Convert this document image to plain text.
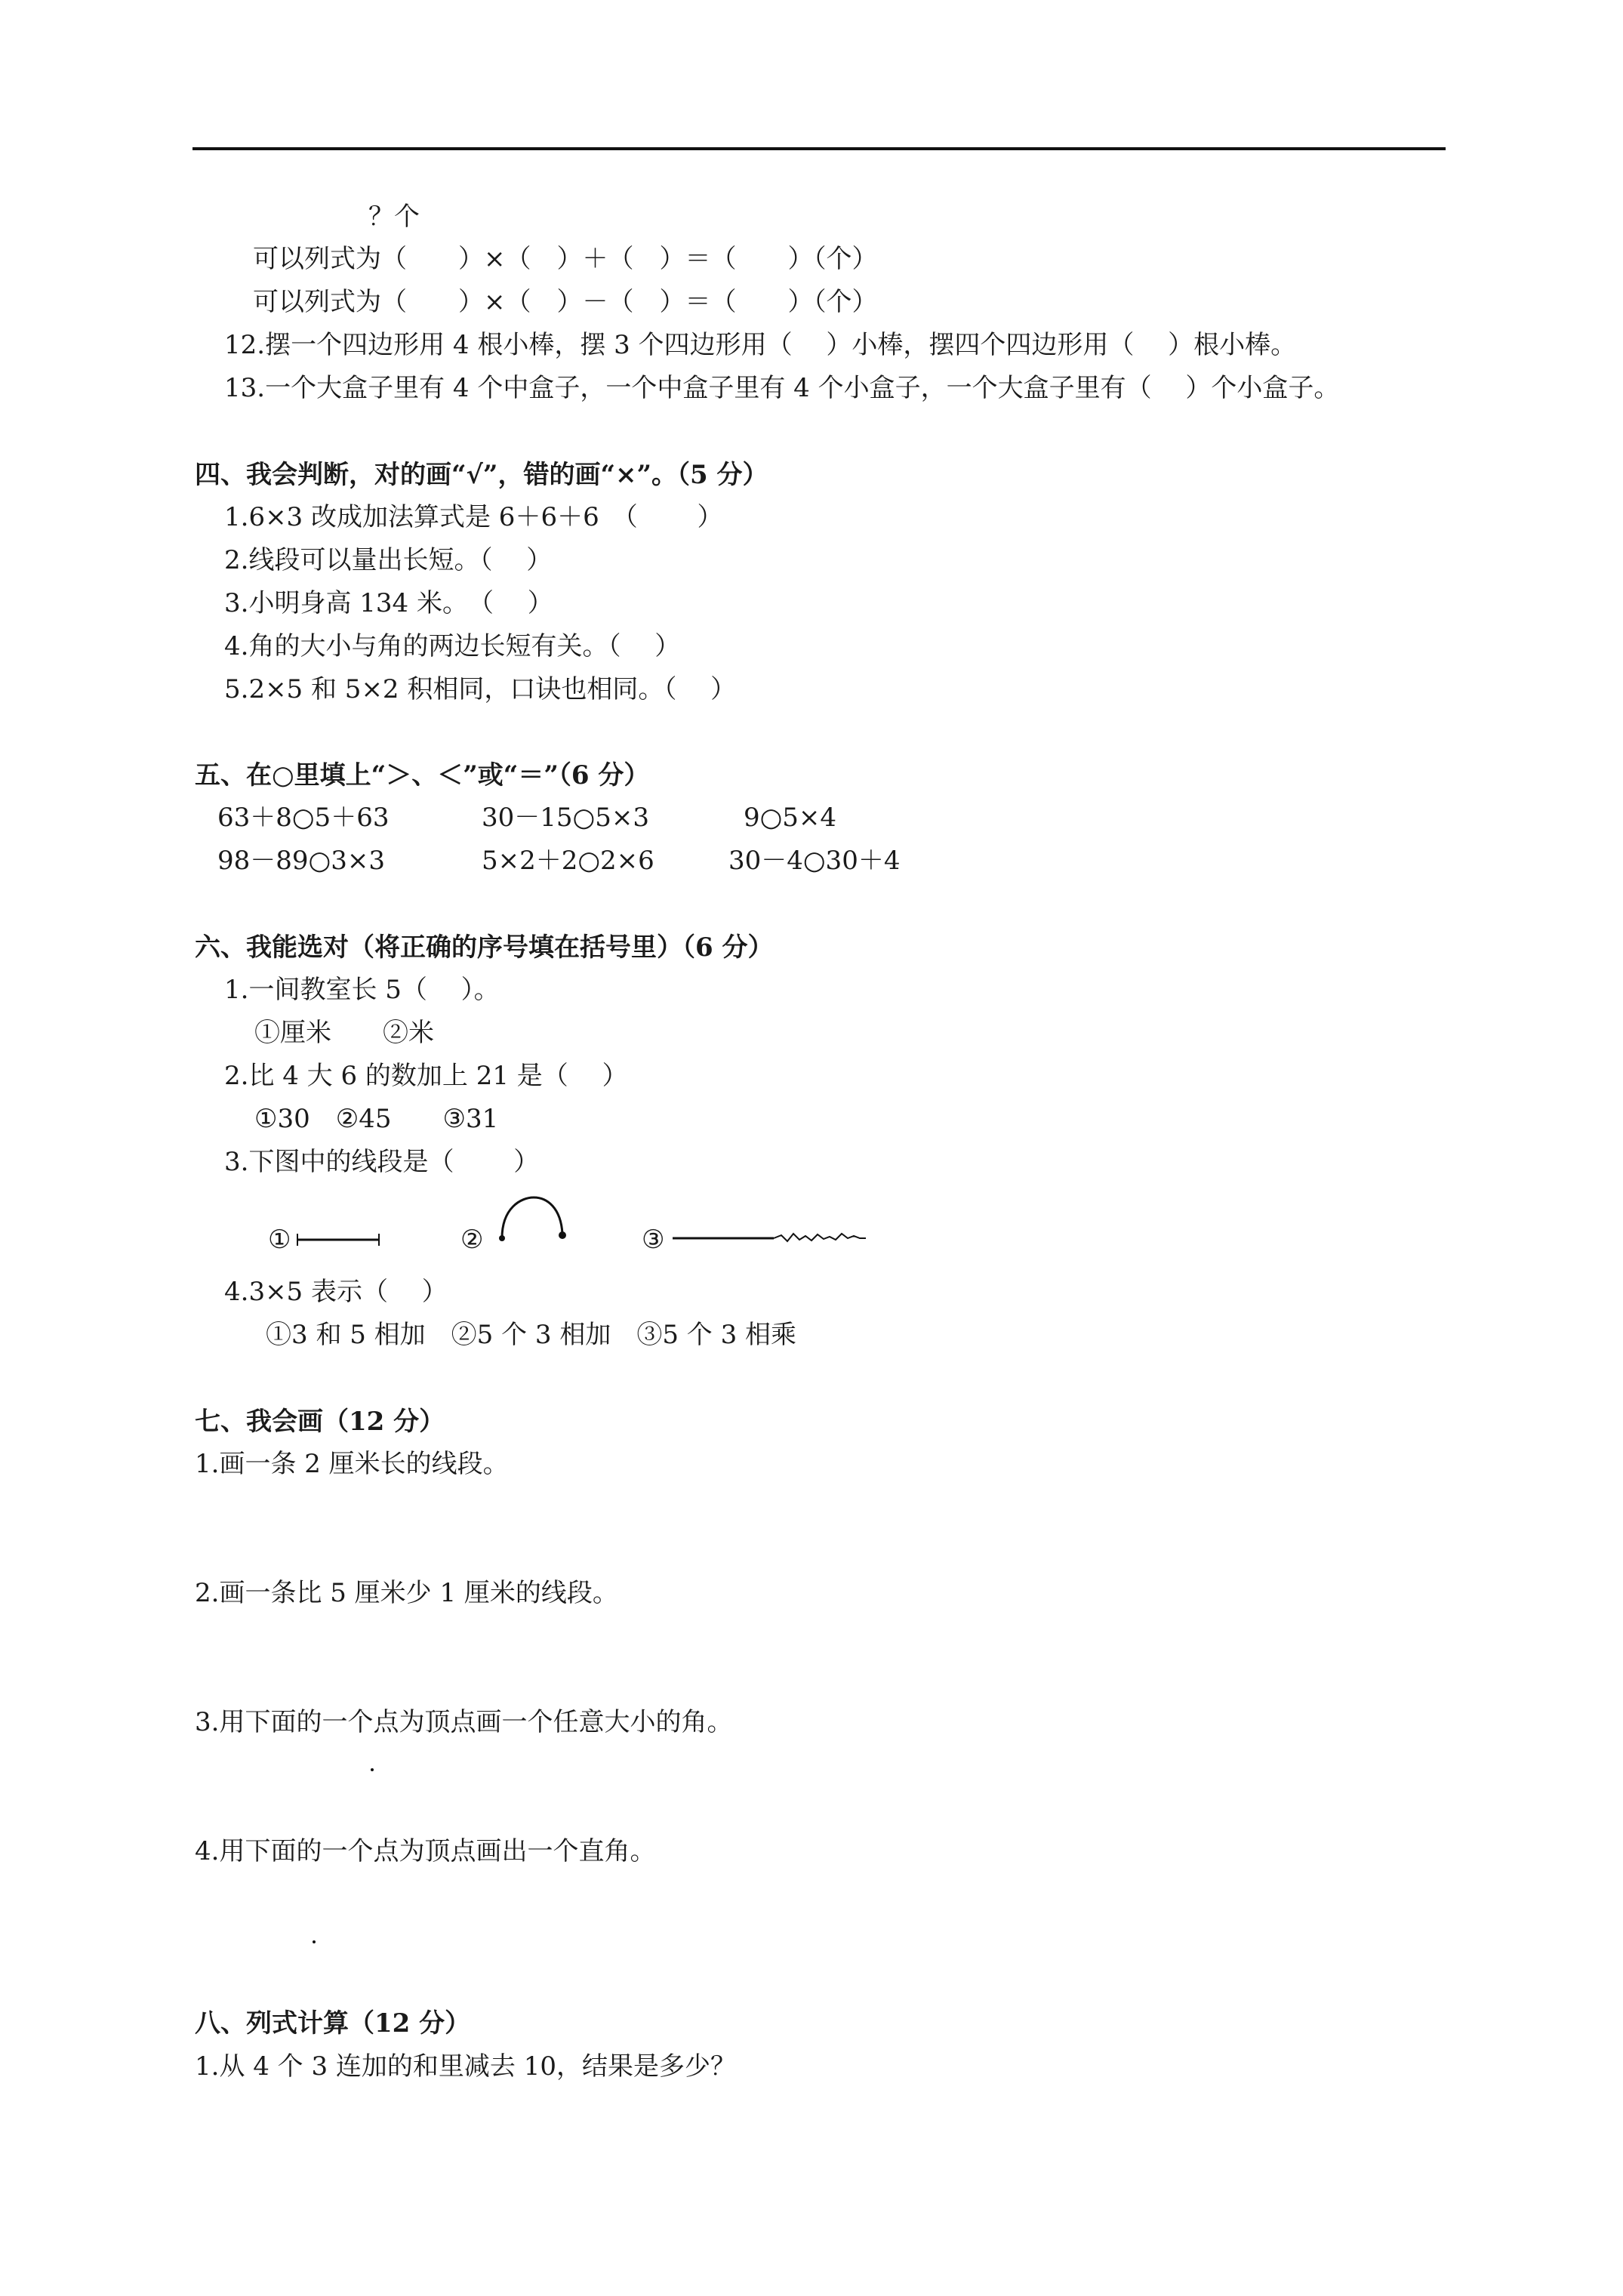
？个
可以列式为（　　）×（　）＋（　）＝（　　）（个）
可以列式为（　　）×（　）－（　）＝（　　）（个）
12.摆一个四边形用 4 根小棒，摆 3 个四边形用（　 ）小棒，摆四个四边形用（　 ）根小棒。
13.一个大盒子里有 4 个中盒子，一个中盒子里有 4 个小盒子，一个大盒子里有（　 ）个小盒子。
四、我会判断，对的画“√”，错的画“×”。（5 分）
1.6×3 改成加法算式是 6＋6＋6　（　　 ）
2.线段可以量出长短。（　 ）
3.小明身高 134 米。　（　 ）
4.角的大小与角的两边长短有关。（　 ）
5.2×5 和 5×2 积相同，口诀也相同。（　 ）
五、在○里填上“＞、＜”或“＝”（6 分）
63＋8○5＋63	30－15○5×3	9○5×4
98－89○3×3	5×2＋2○2×6	30－4○30＋4
六、我能选对（将正确的序号填在括号里）（6 分）
1.一间教室长 5（　 ）。
①厘米　　②米
2.比 4 大 6 的数加上 21 是（　 ）
①30　②45　　③31
3.下图中的线段是（　　 ）
①	②	③
4.3×5 表示（　 ）
①3 和 5 相加　②5 个 3 相加　③5 个 3 相乘
七、我会画（12 分）
1.画一条 2 厘米长的线段。
2.画一条比 5 厘米少 1 厘米的线段。
3.用下面的一个点为顶点画一个任意大小的角。
4.用下面的一个点为顶点画出一个直角。
八、列式计算（12 分）
1.从 4 个 3 连加的和里减去 10，结果是多少？
